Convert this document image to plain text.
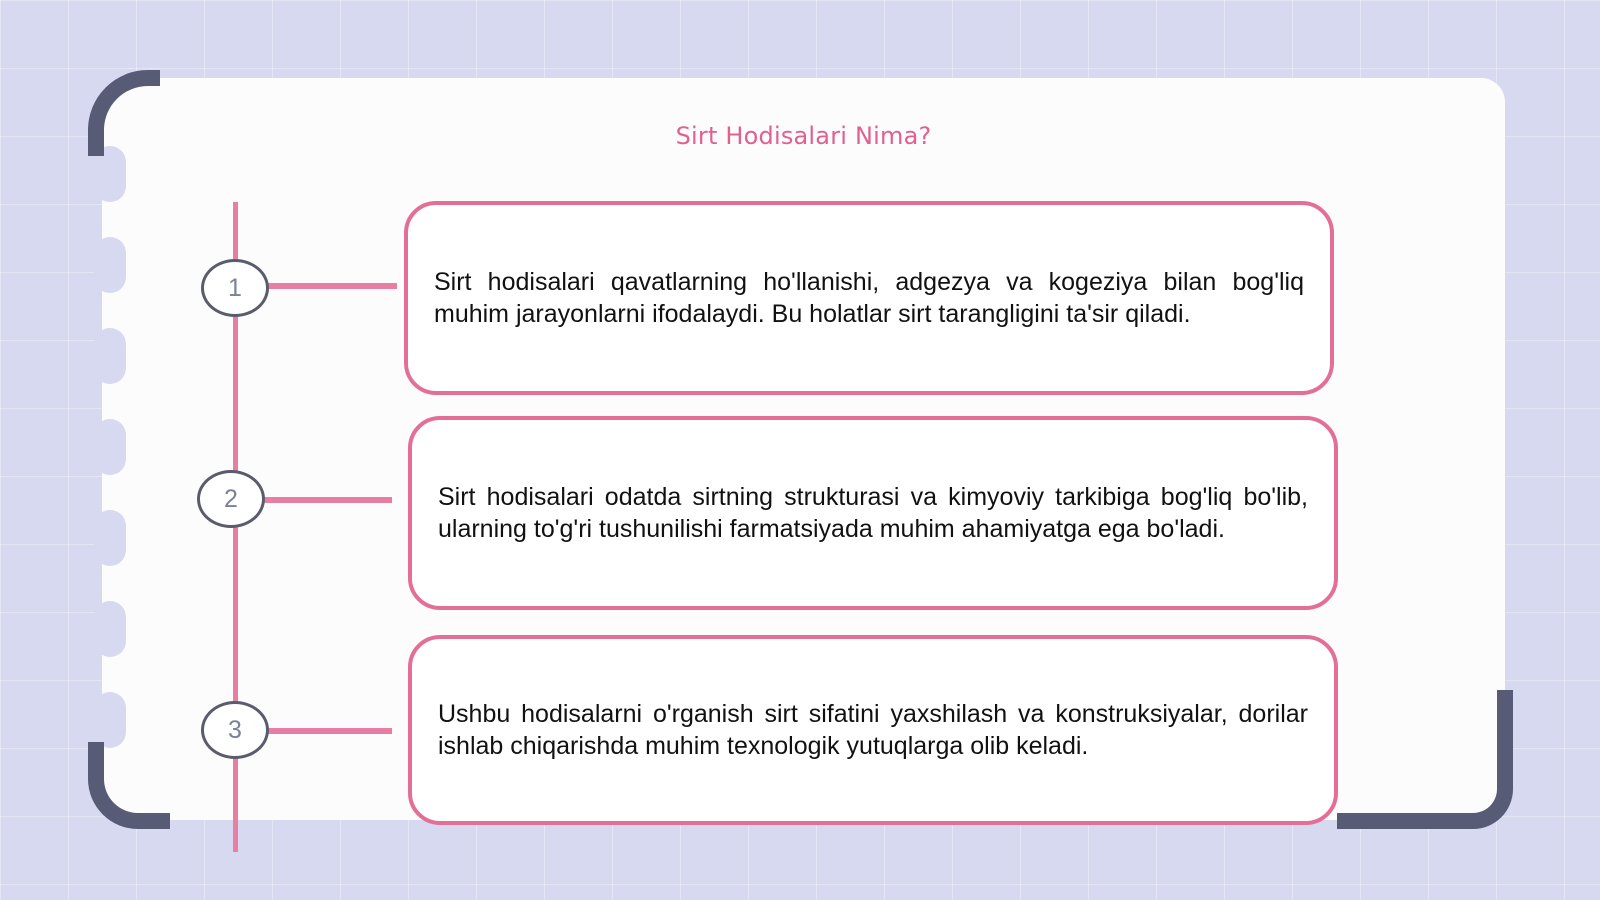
Sirt Hodisalari Nima?
1
2
3

Sirt hodisalari qavatlarning ho'llanishi, adgezya va kogeziya bilan bog'liq muhim jarayonlarni ifodalaydi. Bu holatlar sirt tarangligini ta'sir qiladi.

Sirt hodisalari odatda sirtning strukturasi va kimyoviy tarkibiga bog'liq bo'lib, ularning to'g'ri tushunilishi farmatsiyada muhim ahamiyatga ega bo'ladi.

Ushbu hodisalarni o'rganish sirt sifatini yaxshilash va konstruksiyalar, dorilar ishlab chiqarishda muhim texnologik yutuqlarga olib keladi.
